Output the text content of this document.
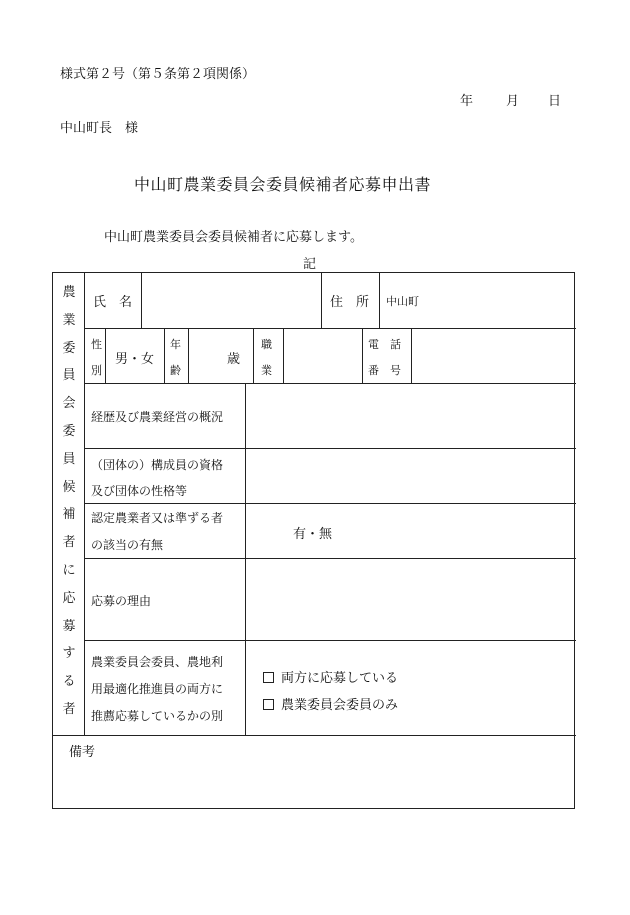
様式第２号（第５条第２項関係）
年	月 日
中山町長　様
中山町農業委員会委員候補者応募申出書
中山町農業委員会委員候補者に応募します。
記
農業委員会委員候補者に応募する者
氏　名	住　所 中山町
性
別
男・女
年
齢
歳
職
業
電　話
番　号
経歴及び農業経営の概況
（団体の）構成員の資格
及び団体の性格等
認定農業者又は準ずる者
の該当の有無
有・無
応募の理由
農業委員会委員、農地利
用最適化推進員の両方に
推薦応募しているかの別
両方に応募している
農業委員会委員のみ
備考
